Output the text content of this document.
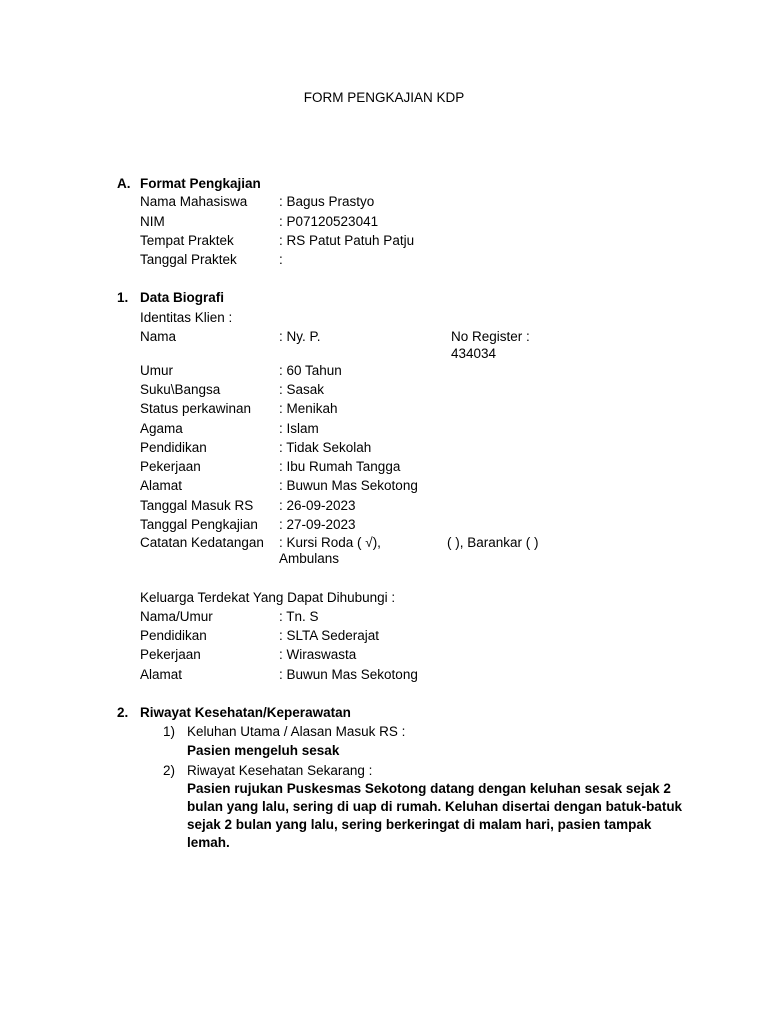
FORM PENGKAJIAN KDP
A. Format Pengkajian
Nama Mahasiswa : Bagus Prastyo
NIM	: P07120523041
Tempat Praktek	: RS Patut Patuh Patju
Tanggal Praktek	:
1. Data Biografi
Identitas Klien :
Nama	: Ny. P.	No Register :
434034
Umur	: 60 Tahun
Suku\Bangsa	: Sasak
Status perkawinan : Menikah
Agama	: Islam
Pendidikan	: Tidak Sekolah
Pekerjaan	: Ibu Rumah Tangga
Alamat	: Buwun Mas Sekotong
Tanggal Masuk RS : 26-09-2023
Tanggal Pengkajian : 27-09-2023
Catatan Kedatangan : Kursi Roda ( √),
Ambulans
( ), Barankar ( )
Keluarga Terdekat Yang Dapat Dihubungi :
Nama/Umur	: Tn. S
Pendidikan	: SLTA Sederajat
Pekerjaan	: Wiraswasta
Alamat	: Buwun Mas Sekotong
2. Riwayat Kesehatan/Keperawatan
1) Keluhan Utama / Alasan Masuk RS :
Pasien mengeluh sesak
2) Riwayat Kesehatan Sekarang :
Pasien rujukan Puskesmas Sekotong datang dengan keluhan sesak sejak 2
bulan yang lalu, sering di uap di rumah. Keluhan disertai dengan batuk-batuk
sejak 2 bulan yang lalu, sering berkeringat di malam hari, pasien tampak
lemah.
